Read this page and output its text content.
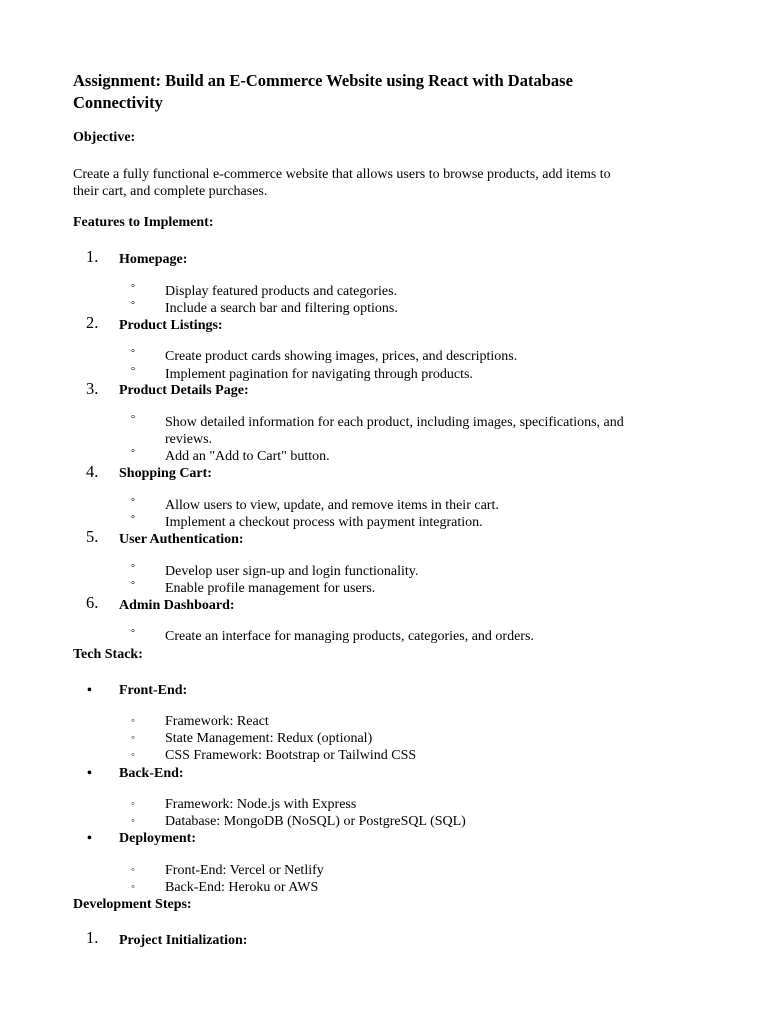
Assignment: Build an E-Commerce Website using React with Database
Connectivity
Objective:
Create a fully functional e-commerce website that allows users to browse products, add items to
their cart, and complete purchases.
Features to Implement:
1. Homepage:
° Display featured products and categories.
° Include a search bar and filtering options.
2. Product Listings:
° Create product cards showing images, prices, and descriptions.
° Implement pagination for navigating through products.
3. Product Details Page:
° Show detailed information for each product, including images, specifications, and
reviews.
° Add an "Add to Cart" button.
4. Shopping Cart:
° Allow users to view, update, and remove items in their cart.
° Implement a checkout process with payment integration.
5. User Authentication:
° Develop user sign-up and login functionality.
° Enable profile management for users.
6. Admin Dashboard:
° Create an interface for managing products, categories, and orders.
Tech Stack:
• Front-End:
◦ Framework: React
◦ State Management: Redux (optional)
◦ CSS Framework: Bootstrap or Tailwind CSS
• Back-End:
◦ Framework: Node.js with Express
◦ Database: MongoDB (NoSQL) or PostgreSQL (SQL)
• Deployment:
◦ Front-End: Vercel or Netlify
◦ Back-End: Heroku or AWS
Development Steps:
1. Project Initialization:
